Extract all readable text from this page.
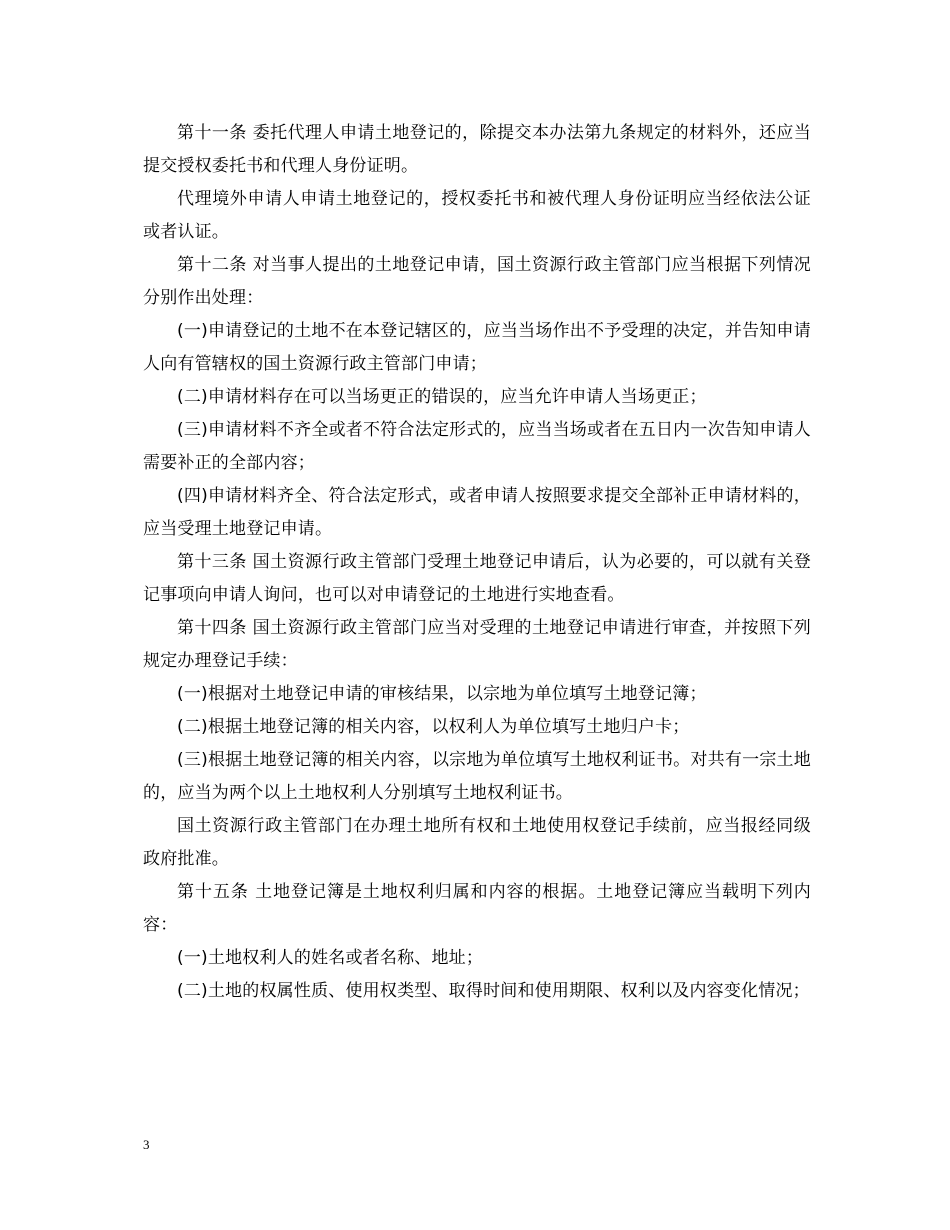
第十一条 委托代理人申请土地登记的，除提交本办法第九条规定的材料外，还应当提交授权委托书和代理人身份证明。

代理境外申请人申请土地登记的，授权委托书和被代理人身份证明应当经依法公证或者认证。

第十二条 对当事人提出的土地登记申请，国土资源行政主管部门应当根据下列情况分别作出处理：

(一)申请登记的土地不在本登记辖区的，应当当场作出不予受理的决定，并告知申请人向有管辖权的国土资源行政主管部门申请；

(二)申请材料存在可以当场更正的错误的，应当允许申请人当场更正；

(三)申请材料不齐全或者不符合法定形式的，应当当场或者在五日内一次告知申请人需要补正的全部内容；

(四)申请材料齐全、符合法定形式，或者申请人按照要求提交全部补正申请材料的，应当受理土地登记申请。

第十三条 国土资源行政主管部门受理土地登记申请后，认为必要的，可以就有关登记事项向申请人询问，也可以对申请登记的土地进行实地查看。

第十四条 国土资源行政主管部门应当对受理的土地登记申请进行审查，并按照下列规定办理登记手续：

(一)根据对土地登记申请的审核结果，以宗地为单位填写土地登记簿；

(二)根据土地登记簿的相关内容，以权利人为单位填写土地归户卡；

(三)根据土地登记簿的相关内容，以宗地为单位填写土地权利证书。对共有一宗土地的，应当为两个以上土地权利人分别填写土地权利证书。

国土资源行政主管部门在办理土地所有权和土地使用权登记手续前，应当报经同级政府批准。

第十五条 土地登记簿是土地权利归属和内容的根据。土地登记簿应当载明下列内容：

(一)土地权利人的姓名或者名称、地址；

(二)土地的权属性质、使用权类型、取得时间和使用期限、权利以及内容变化情况；

3
